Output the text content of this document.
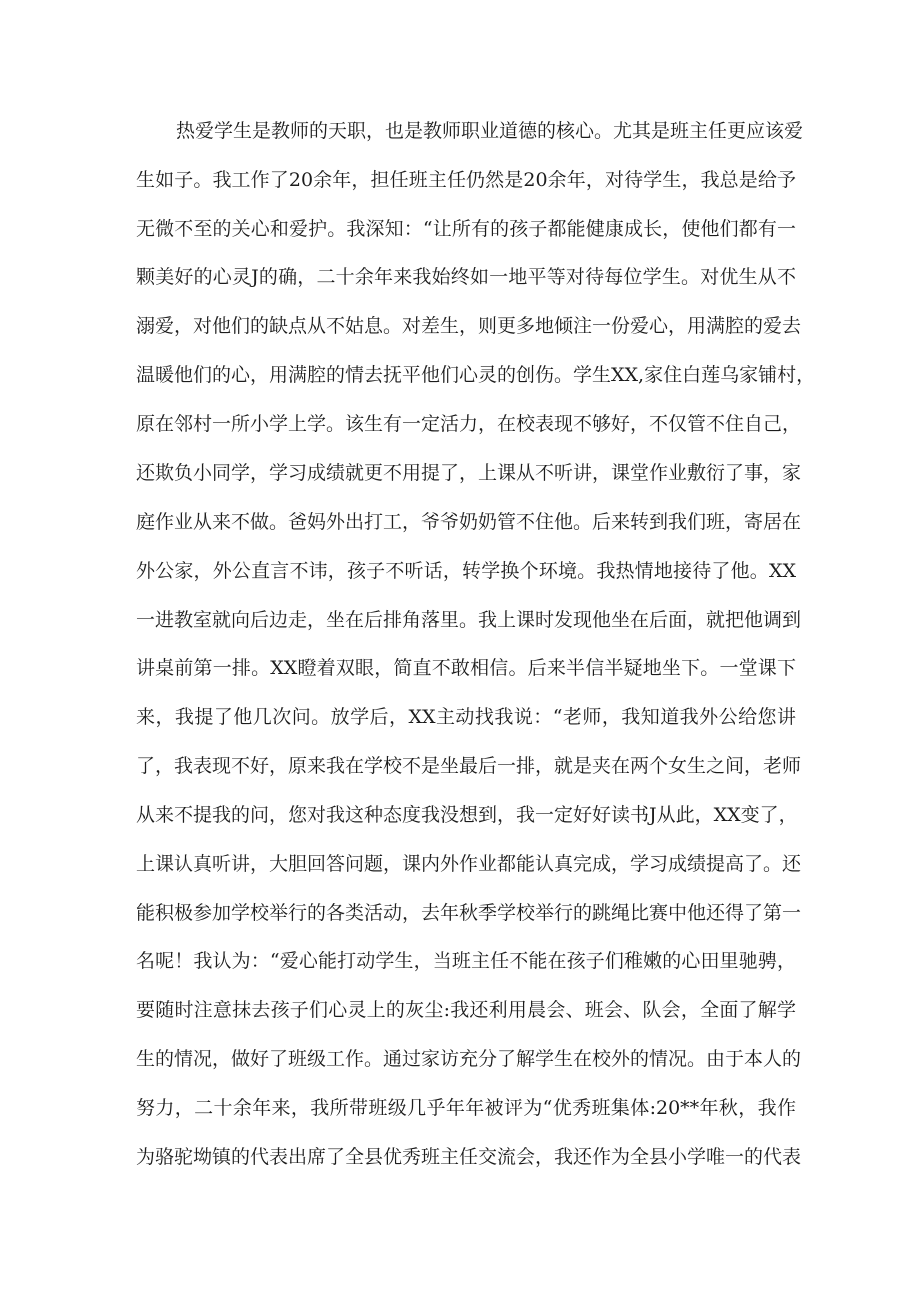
热爱学生是教师的天职，也是教师职业道德的核心。尤其是班主任更应该爱
生如子。我工作了20余年，担任班主任仍然是20余年，对待学生，我总是给予
无微不至的关心和爱护。我深知：“让所有的孩子都能健康成长，使他们都有一
颗美好的心灵J的确，二十余年来我始终如一地平等对待每位学生。对优生从不
溺爱，对他们的缺点从不姑息。对差生，则更多地倾注一份爱心，用满腔的爱去
温暖他们的心，用满腔的情去抚平他们心灵的创伤。学生XX,家住白莲乌家铺村，
原在邻村一所小学上学。该生有一定活力，在校表现不够好，不仅管不住自己，
还欺负小同学，学习成绩就更不用提了，上课从不听讲，课堂作业敷衍了事，家
庭作业从来不做。爸妈外出打工，爷爷奶奶管不住他。后来转到我们班，寄居在
外公家，外公直言不讳，孩子不听话，转学换个环境。我热情地接待了他。XX
一进教室就向后边走，坐在后排角落里。我上课时发现他坐在后面，就把他调到
讲桌前第一排。XX瞪着双眼，简直不敢相信。后来半信半疑地坐下。一堂课下
来，我提了他几次问。放学后，XX主动找我说：“老师，我知道我外公给您讲
了，我表现不好，原来我在学校不是坐最后一排，就是夹在两个女生之间，老师
从来不提我的问，您对我这种态度我没想到，我一定好好读书J从此，XX变了，
上课认真听讲，大胆回答问题，课内外作业都能认真完成，学习成绩提高了。还
能积极参加学校举行的各类活动，去年秋季学校举行的跳绳比赛中他还得了第一
名呢！我认为：“爱心能打动学生，当班主任不能在孩子们稚嫩的心田里驰骋，
要随时注意抹去孩子们心灵上的灰尘:我还利用晨会、班会、队会，全面了解学
生的情况，做好了班级工作。通过家访充分了解学生在校外的情况。由于本人的
努力，二十余年来，我所带班级几乎年年被评为“优秀班集体:20**年秋，我作
为骆驼坳镇的代表出席了全县优秀班主任交流会，我还作为全县小学唯一的代表
